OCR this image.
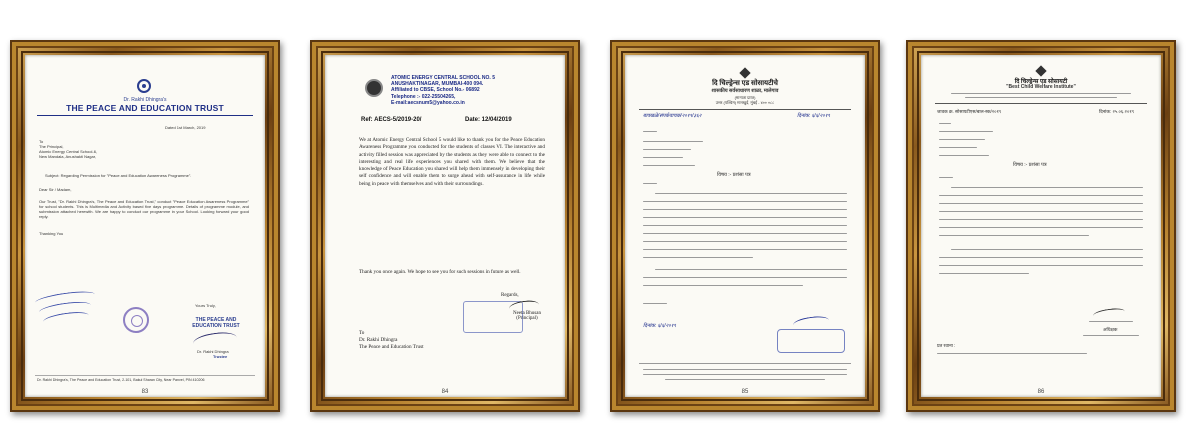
Dr. Rakhi Dhingra's
THE PEACE AND EDUCATION TRUST
Dated 1st March, 2019
To
The Principal,
Atomic Energy Central School-6,
New Mandala, Anushakti Nagar,
Subject: Regarding Permission for "Peace and Education Awareness Programme".
Dear Sir / Madam,
Our Trust, "Dr. Rakhi Dhingra's, The Peace and Education Trust," conduct "Peace Education Awareness Programme" for school students. This is Multimedia and Activity based five days programme. Details of programme module, and submission attached herewith. We are happy to conduct our programme in your School. Looking forward your good reply.
Thanking You
Yours Truly,
THE PEACE AND EDUCATION TRUST
Dr. Rakhi Dhingra
Trustee
Dr. Rakhi Dhingra's, The Peace and Education Trust, 2-101, Bakul Sharan City, Near Panvel, PIN 410206
83
ATOMIC ENERGY CENTRAL SCHOOL NO. 5
ANUSHAKTINAGAR, MUMBAI-400 094.
Affiliated to CBSE, School No.- 06892
Telephone :- 022-25504265,
E-mail:aecsnum5@yahoo.co.in
Ref: AECS-5/2019-20/	Date: 12/04/2019
We at Atomic Energy Central School 5 would like to thank you for the Peace Education Awareness Programme you conducted for the students of classes VI. The interactive and activity filled session was appreciated by the students as they were able to connect to the interesting and real life experiences you shared with them. We believe that the knowledge of Peace Education you shared will help them immensely in developing their self confidence and will enable them to surge ahead with self-assurance in life while being in peace with themselves and with their surroundings.
Thank you once again. We hope to see you for such sessions in future as well.
Regards,
Neeta Bhusan
(Principal)
To
Dr. Rakhi Dhingra
The Peace and Education Trust
84
दि चिल्ड्रेन्स एड सोसायटीचे
शासकीय सर्वसाधारण शाळा, मालेगाव
(मान्यता प्राप्त)
उत्तर (पश्चिम) मानखुर्द, मुंबई - ४०० ०८८
बावखळे/संपर्कवाचक/२०१९/३६२	दिनांक: ६/६/२०१९
विषय :- प्रशंसा पत्र
दिनांक: ६/६/२०१९
85
दि चिल्ड्रेन्स एड सोसायटी
"Best Child Welfare Institute"
जावक क्र. सोसायटीएस/बाल-स्क/२०१९	दिनांक: २५.०६.२०१९
विषय :- प्रशंसा पत्र
अधिक्षक
प्रत रवाना :
86
